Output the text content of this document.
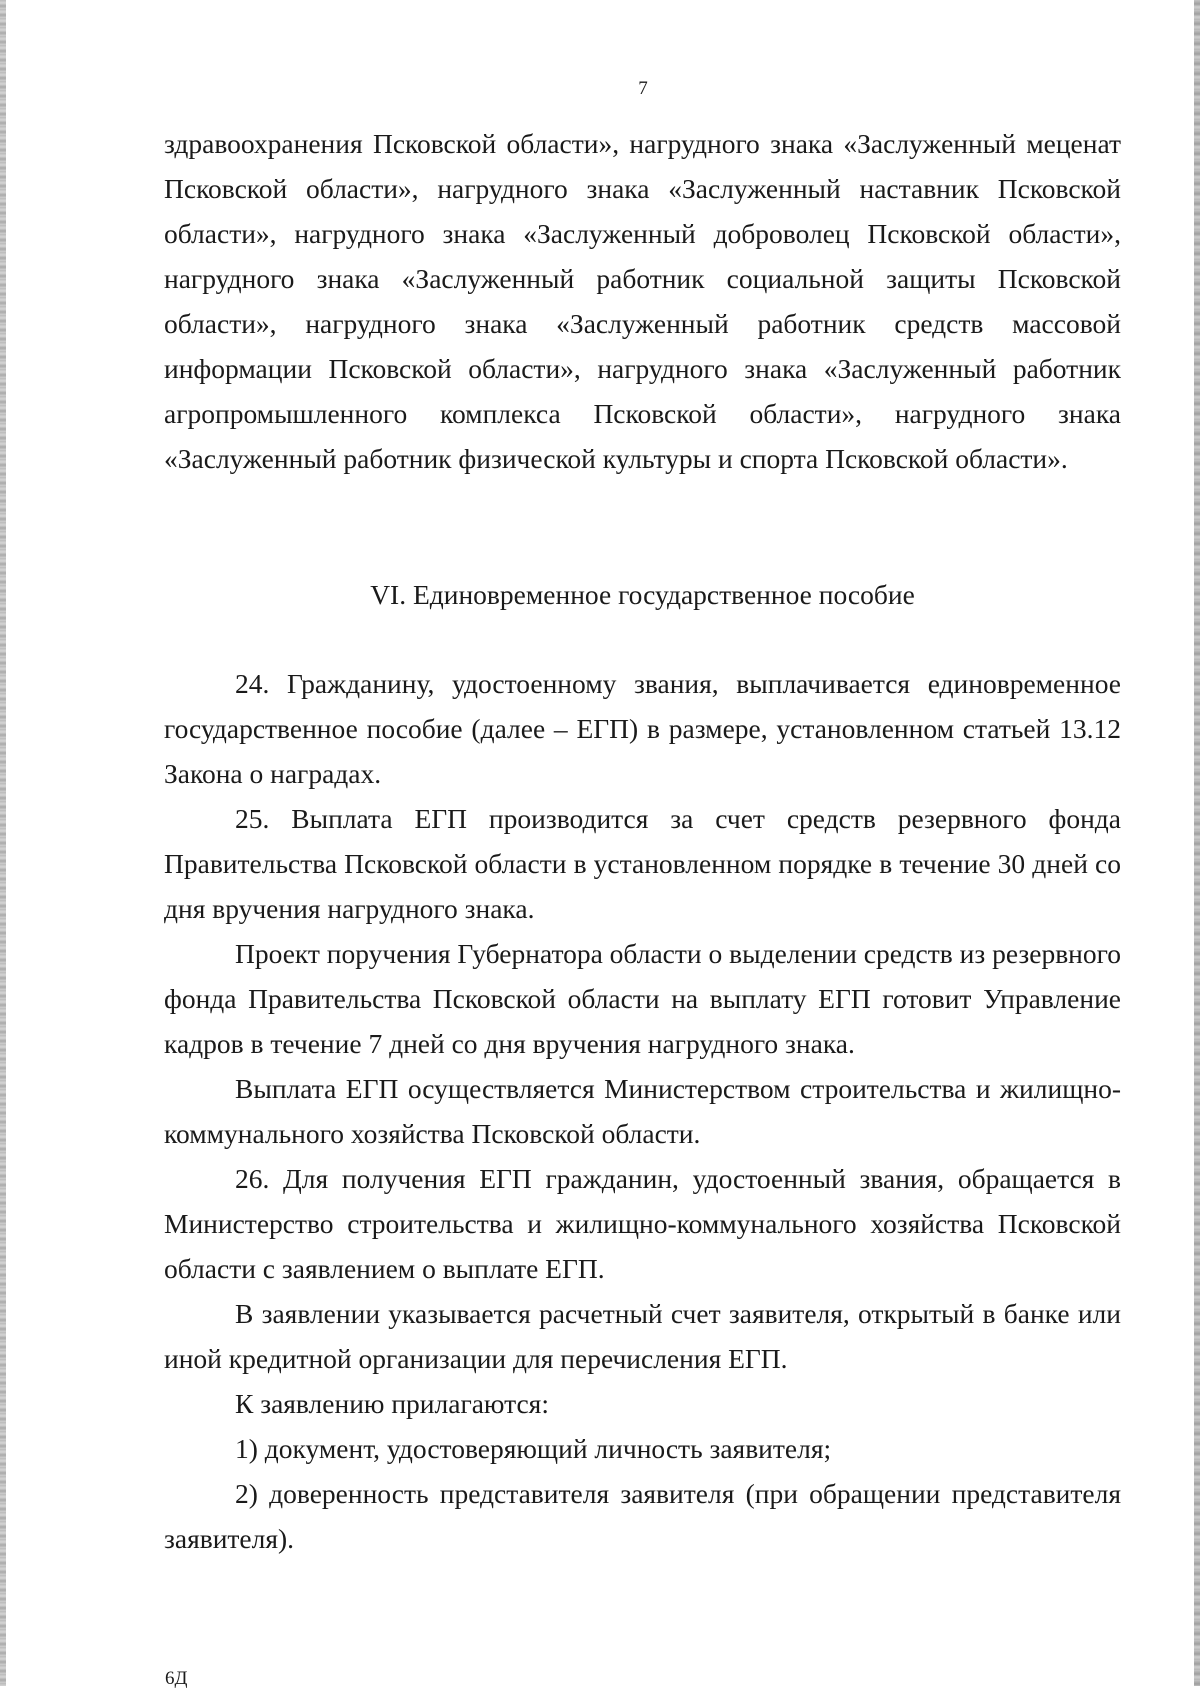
7

здравоохранения Псковской области», нагрудного знака «Заслуженный меценат Псковской области», нагрудного знака «Заслуженный наставник Псковской области», нагрудного знака «Заслуженный доброволец Псковской области», нагрудного знака «Заслуженный работник социальной защиты Псковской области», нагрудного знака «Заслуженный работник средств массовой информации Псковской области», нагрудного знака «Заслуженный работник агропромышленного комплекса Псковской области», нагрудного знака «Заслуженный работник физической культуры и спорта Псковской области».

VI. Единовременное государственное пособие

24. Гражданину, удостоенному звания, выплачивается единовременное государственное пособие (далее – ЕГП) в размере, установленном статьей 13.12 Закона о наградах.

25. Выплата ЕГП производится за счет средств резервного фонда Правительства Псковской области в установленном порядке в течение 30 дней со дня вручения нагрудного знака.

Проект поручения Губернатора области о выделении средств из резервного фонда Правительства Псковской области на выплату ЕГП готовит Управление кадров в течение 7 дней со дня вручения нагрудного знака.

Выплата ЕГП осуществляется Министерством строительства и жилищно-коммунального хозяйства Псковской области.

26. Для получения ЕГП гражданин, удостоенный звания, обращается в Министерство строительства и жилищно-коммунального хозяйства Псковской области с заявлением о выплате ЕГП.

В заявлении указывается расчетный счет заявителя, открытый в банке или иной кредитной организации для перечисления ЕГП.

К заявлению прилагаются:

1) документ, удостоверяющий личность заявителя;

2) доверенность представителя заявителя (при обращении представителя заявителя).

6Д
